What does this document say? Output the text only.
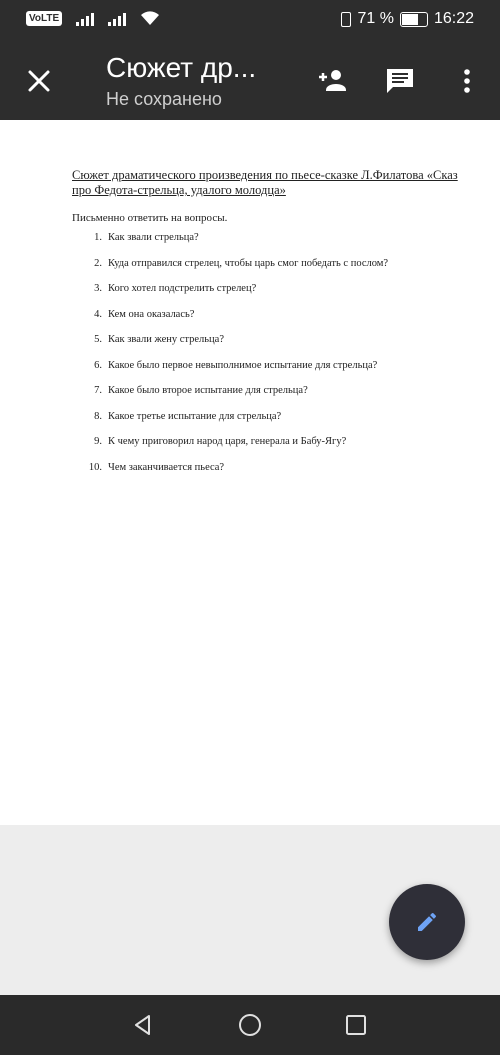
VoLTE	71 %	16:22
Сюжет др...
Не сохранено

Сюжет драматического произведения по пьесе-сказке Л.Филатова «Сказ про Федота-стрельца, удалого молодца»

Письменно ответить на вопросы.

1. Как звали стрельца?
2. Куда отправился стрелец, чтобы царь смог победать с послом?
3. Кого хотел подстрелить стрелец?
4. Кем она оказалась?
5. Как звали жену стрельца?
6. Какое было первое невыполнимое испытание для стрельца?
7. Какое было второе испытание для стрельца?
8. Какое третье испытание для стрельца?
9. К чему приговорил народ царя, генерала и Бабу-Ягу?
10. Чем заканчивается пьеса?
